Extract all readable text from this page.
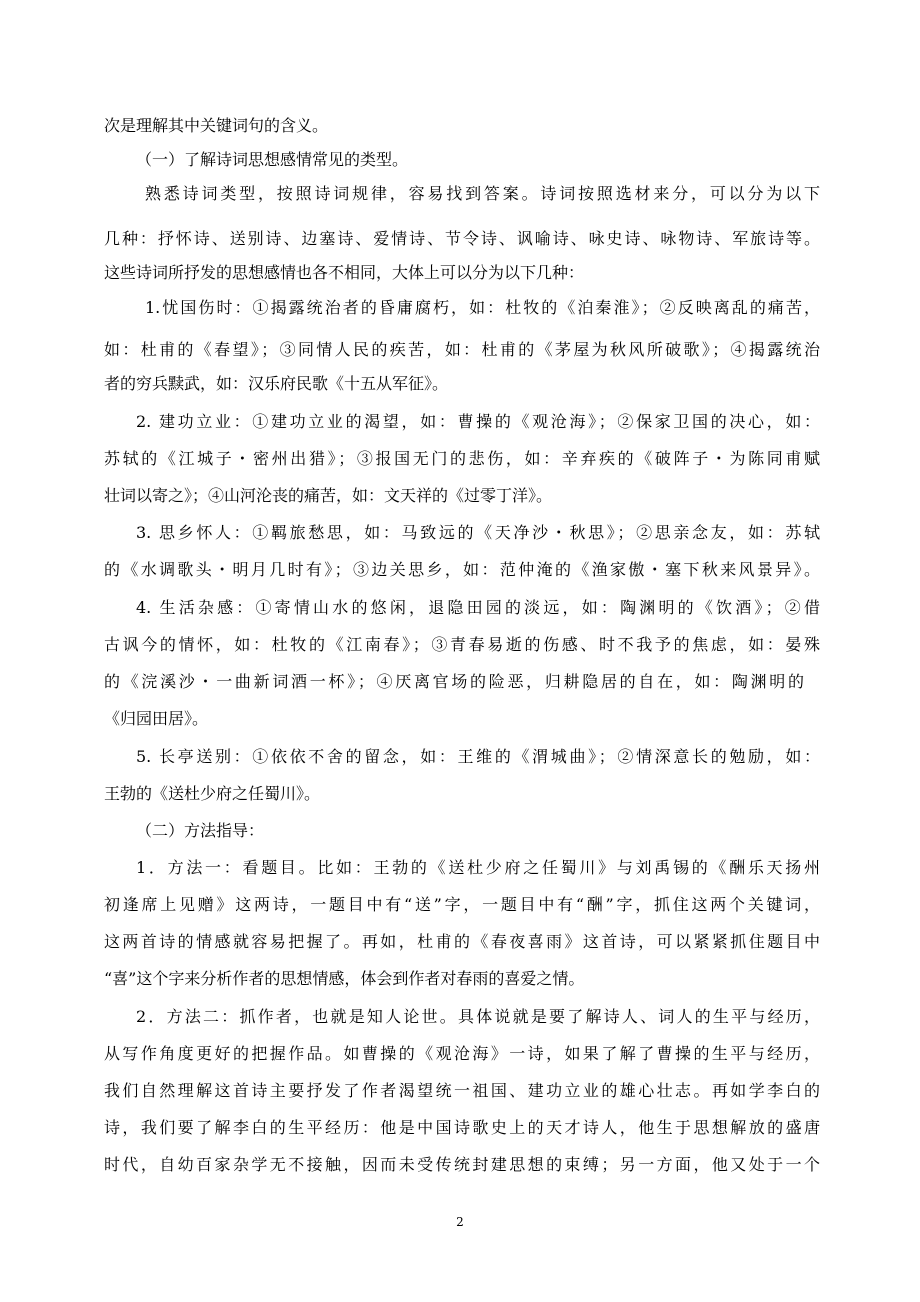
次是理解其中关键词句的含义。
（一）了解诗词思想感情常见的类型。
熟悉诗词类型，按照诗词规律，容易找到答案。诗词按照选材来分，可以分为以下
几种：抒怀诗、送别诗、边塞诗、爱情诗、节令诗、讽喻诗、咏史诗、咏物诗、军旅诗等。
这些诗词所抒发的思想感情也各不相同，大体上可以分为以下几种：
1.忧国伤时：①揭露统治者的昏庸腐朽，如：杜牧的《泊秦淮》；②反映离乱的痛苦，
如：杜甫的《春望》；③同情人民的疾苦，如：杜甫的《茅屋为秋风所破歌》；④揭露统治
者的穷兵黩武，如：汉乐府民歌《十五从军征》。
2. 建功立业：①建功立业的渴望，如：曹操的《观沧海》；②保家卫国的决心，如：
苏轼的《江城子・密州出猎》；③报国无门的悲伤，如：辛弃疾的《破阵子・为陈同甫赋
壮词以寄之》；④山河沦丧的痛苦，如：文天祥的《过零丁洋》。
3. 思乡怀人：①羁旅愁思，如：马致远的《天净沙・秋思》；②思亲念友，如：苏轼
的《水调歌头・明月几时有》；③边关思乡，如：范仲淹的《渔家傲・塞下秋来风景异》。
4. 生活杂感：①寄情山水的悠闲，退隐田园的淡远，如：陶渊明的《饮酒》；②借
古讽今的情怀，如：杜牧的《江南春》；③青春易逝的伤感、时不我予的焦虑，如：晏殊
的《浣溪沙・一曲新词酒一杯》；④厌离官场的险恶，归耕隐居的自在，如：陶渊明的
《归园田居》。
5. 长亭送别：①依依不舍的留念，如：王维的《渭城曲》；②情深意长的勉励，如：
王勃的《送杜少府之任蜀川》。
（二）方法指导：
1．方法一：看题目。比如：王勃的《送杜少府之任蜀川》与刘禹锡的《酬乐天扬州
初逢席上见赠》这两诗，一题目中有“送”字，一题目中有“酬”字，抓住这两个关键词，
这两首诗的情感就容易把握了。再如，杜甫的《春夜喜雨》这首诗，可以紧紧抓住题目中
“喜”这个字来分析作者的思想情感，体会到作者对春雨的喜爱之情。
2．方法二：抓作者，也就是知人论世。具体说就是要了解诗人、词人的生平与经历，
从写作角度更好的把握作品。如曹操的《观沧海》一诗，如果了解了曹操的生平与经历，
我们自然理解这首诗主要抒发了作者渴望统一祖国、建功立业的雄心壮志。再如学李白的
诗，我们要了解李白的生平经历：他是中国诗歌史上的天才诗人，他生于思想解放的盛唐
时代，自幼百家杂学无不接触，因而未受传统封建思想的束缚；另一方面，他又处于一个
2
